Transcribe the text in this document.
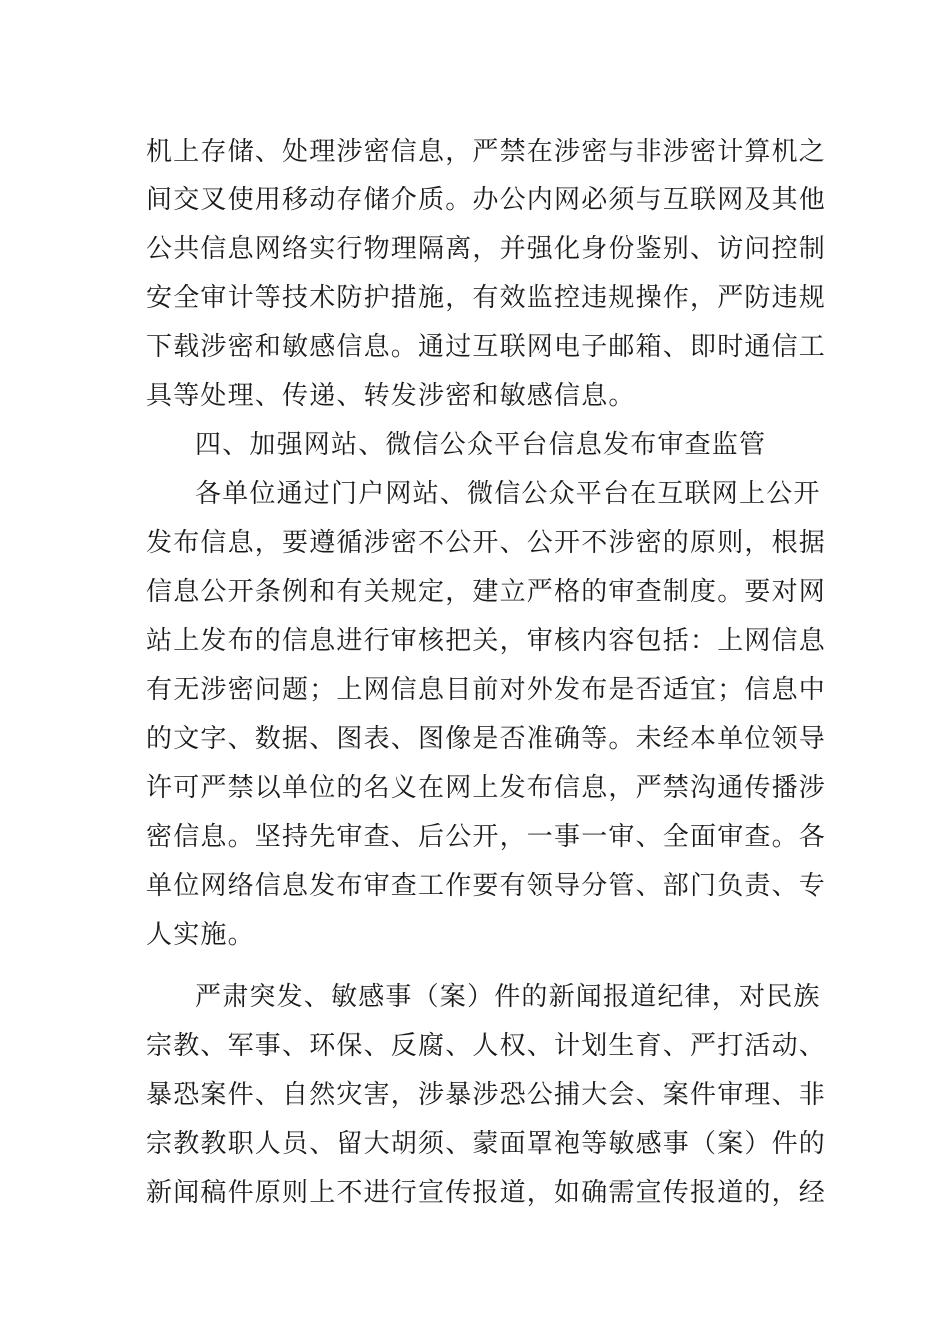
机上存储、处理涉密信息，严禁在涉密与非涉密计算机之
间交叉使用移动存储介质。办公内网必须与互联网及其他
公共信息网络实行物理隔离，并强化身份鉴别、访问控制
安全审计等技术防护措施，有效监控违规操作，严防违规
下载涉密和敏感信息。通过互联网电子邮箱、即时通信工
具等处理、传递、转发涉密和敏感信息。
四、加强网站、微信公众平台信息发布审查监管
各单位通过门户网站、微信公众平台在互联网上公开
发布信息，要遵循涉密不公开、公开不涉密的原则，根据
信息公开条例和有关规定，建立严格的审查制度。要对网
站上发布的信息进行审核把关，审核内容包括：上网信息
有无涉密问题；上网信息目前对外发布是否适宜；信息中
的文字、数据、图表、图像是否准确等。未经本单位领导
许可严禁以单位的名义在网上发布信息，严禁沟通传播涉
密信息。坚持先审查、后公开，一事一审、全面审查。各
单位网络信息发布审查工作要有领导分管、部门负责、专
人实施。
严肃突发、敏感事（案）件的新闻报道纪律，对民族
宗教、军事、环保、反腐、人权、计划生育、严打活动、
暴恐案件、自然灾害，涉暴涉恐公捕大会、案件审理、非
宗教教职人员、留大胡须、蒙面罩袍等敏感事（案）件的
新闻稿件原则上不进行宣传报道，如确需宣传报道的，经
